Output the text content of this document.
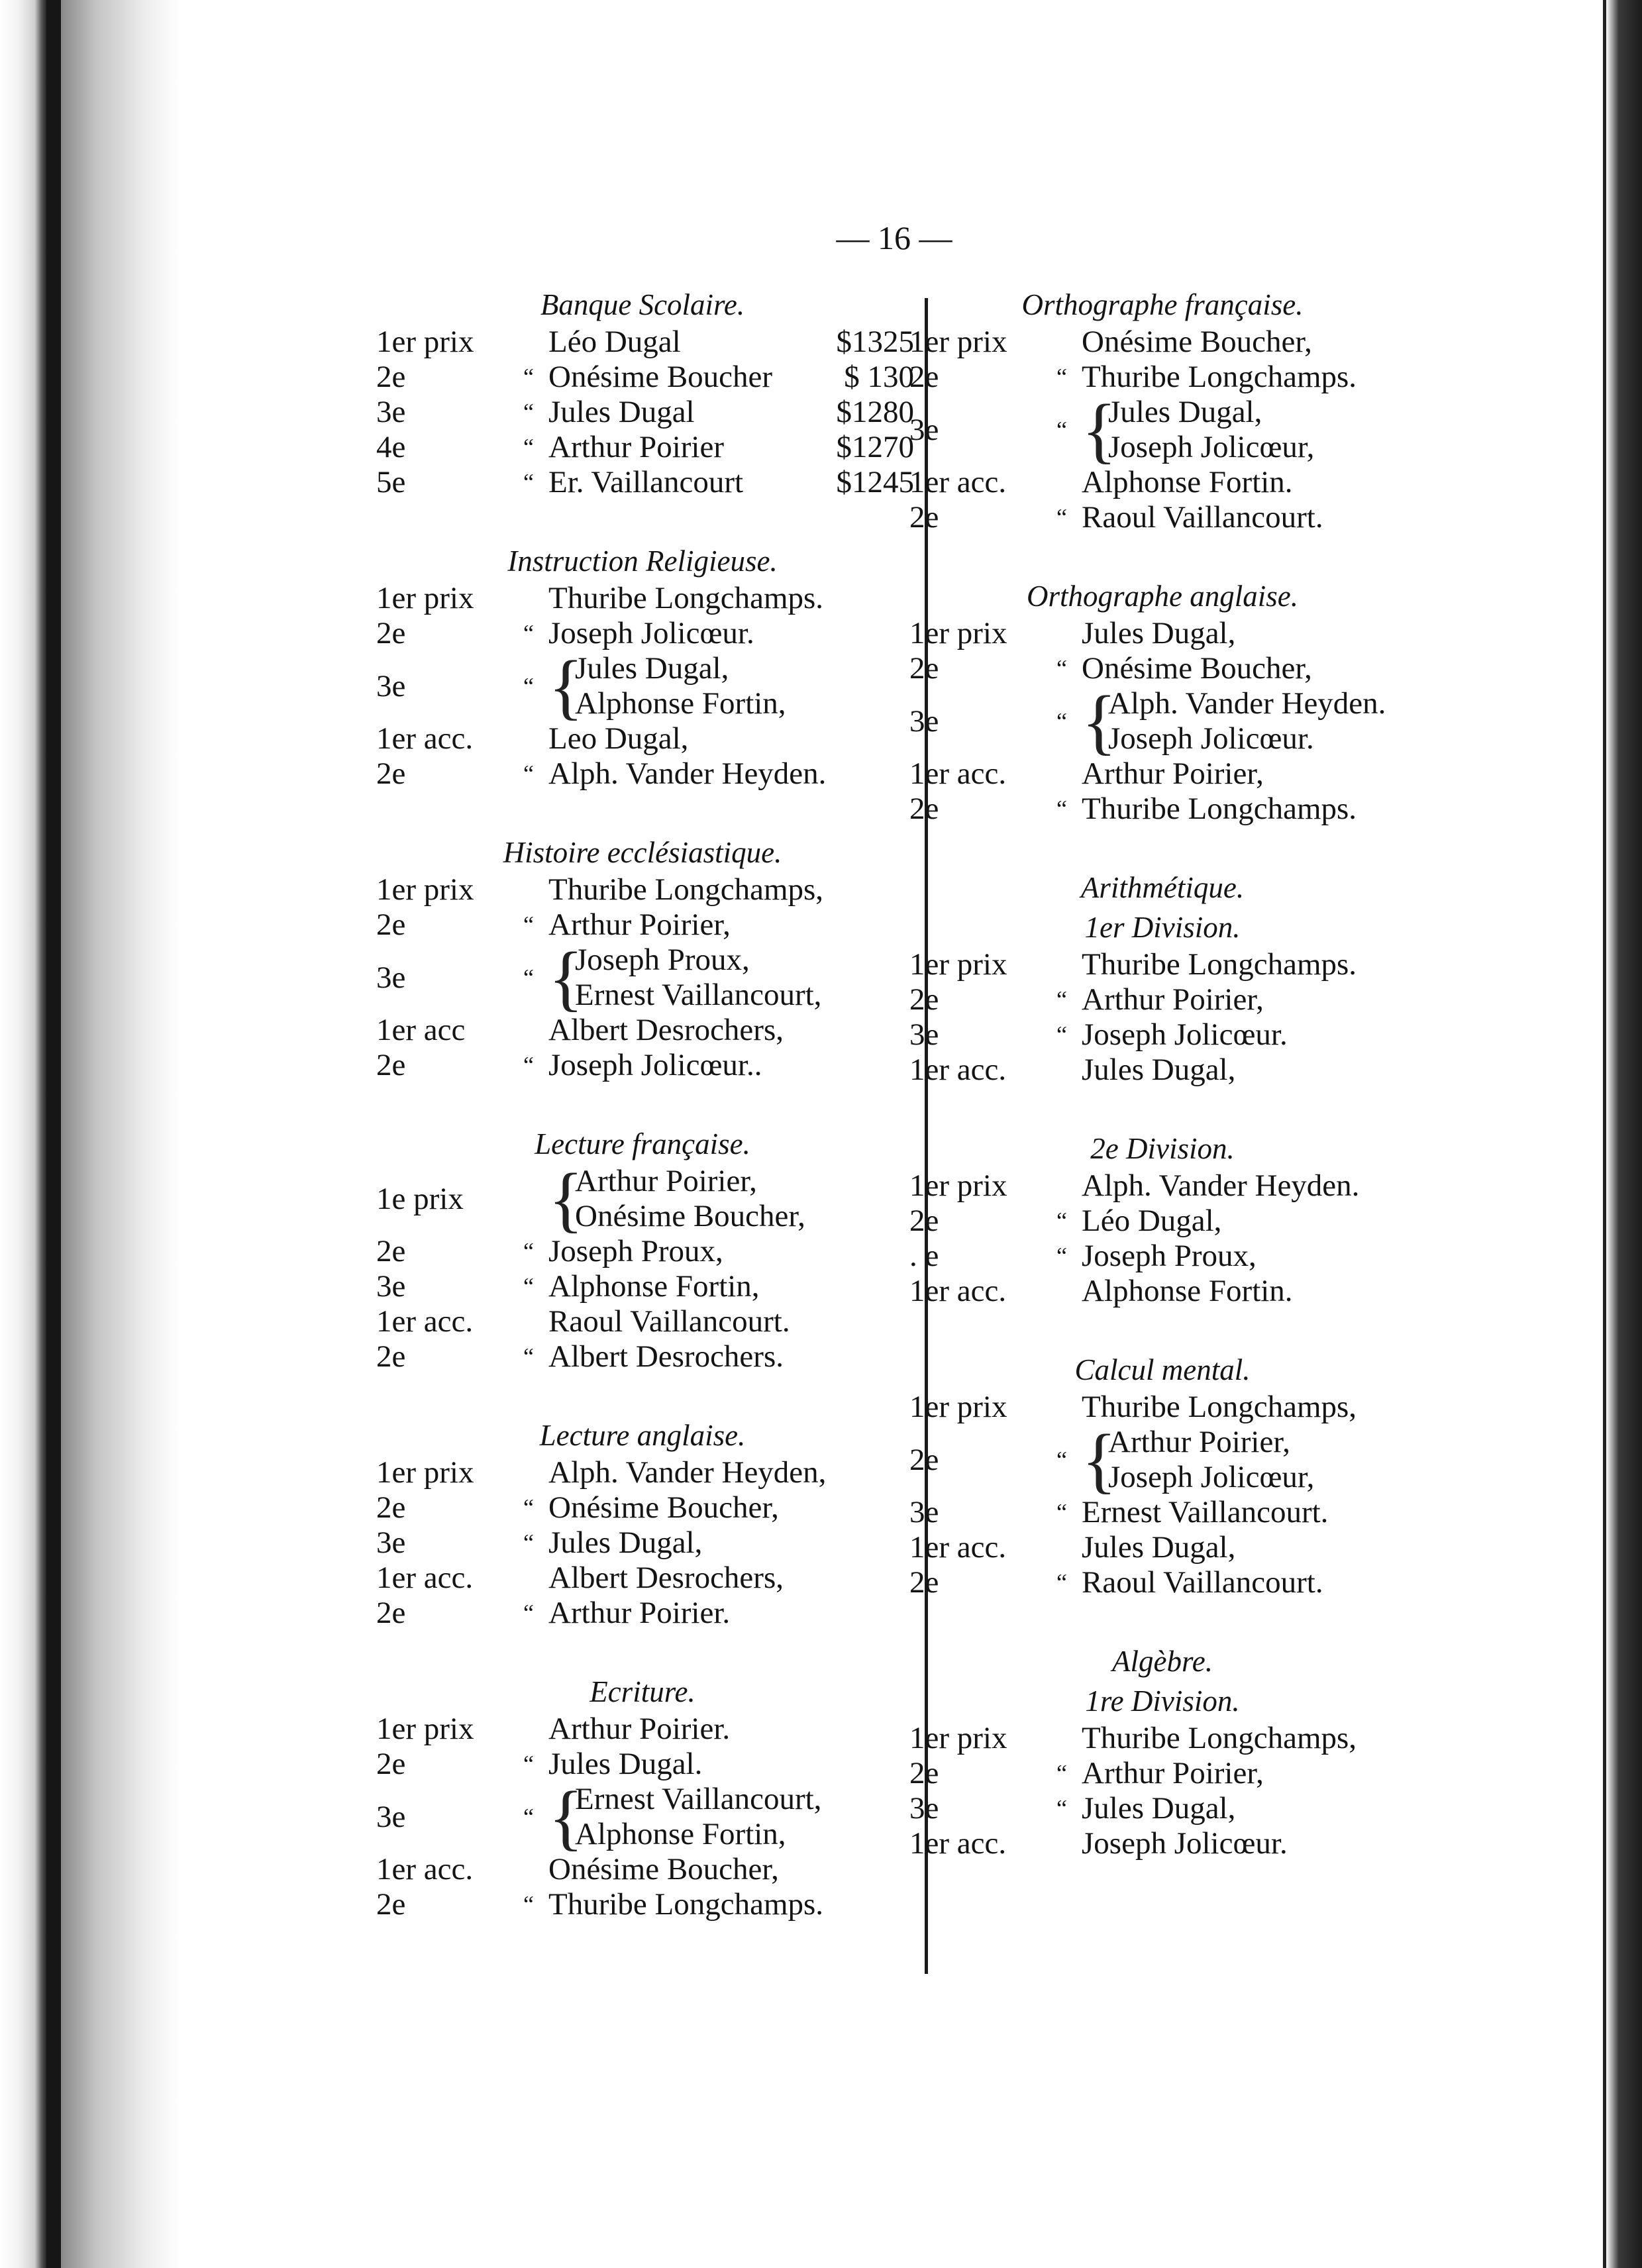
— 16 —
Banque Scolaire.
1er prix	Léo Dugal	$1325
2e	“ Onésime Boucher	$ 130
3e	“ Jules Dugal	$1280
4e	“ Arthur Poirier	$1270
5e	“ Er. Vaillancourt	$1245
Instruction Religieuse.
1er prix	Thuribe Longchamps.
2e	“ Joseph Jolicœur.
3e	“ {
Jules Dugal,
Alphonse Fortin,
1er acc.	Leo Dugal,
2e	“ Alph. Vander Heyden.
Histoire ecclésiastique.
1er prix	Thuribe Longchamps,
2e	“ Arthur Poirier,
3e	“ {
Joseph Proux,
Ernest Vaillancourt,
1er acc	Albert Desrochers,
2e	“ Joseph Jolicœur..
Lecture française.
1e prix	{
Arthur Poirier,
Onésime Boucher,
2e	“ Joseph Proux,
3e	“ Alphonse Fortin,
1er acc.	Raoul Vaillancourt.
2e	“ Albert Desrochers.
Lecture anglaise.
1er prix	Alph. Vander Heyden,
2e	“ Onésime Boucher,
3e	“ Jules Dugal,
1er acc.	Albert Desrochers,
2e	“ Arthur Poirier.
Ecriture.
1er prix	Arthur Poirier.
2e	“ Jules Dugal.
3e	“ {
Ernest Vaillancourt,
Alphonse Fortin,
1er acc.	Onésime Boucher,
2e	“ Thuribe Longchamps.
Orthographe française.
1er prix	Onésime Boucher,
2e	“ Thuribe Longchamps.
3e	“ {
Jules Dugal,
Joseph Jolicœur,
1er acc.	Alphonse Fortin.
2e	“ Raoul Vaillancourt.
Orthographe anglaise.
1er prix	Jules Dugal,
2e	“ Onésime Boucher,
3e	“ {
Alph. Vander Heyden.
Joseph Jolicœur.
1er acc.	Arthur Poirier,
2e	“ Thuribe Longchamps.
Arithmétique.
1er Division.
1er prix	Thuribe Longchamps.
2e	“ Arthur Poirier,
3e	“ Joseph Jolicœur.
1er acc.	Jules Dugal,
2e Division.
1er prix	Alph. Vander Heyden.
2e	“ Léo Dugal,
. e	“ Joseph Proux,
1er acc.	Alphonse Fortin.
Calcul mental.
1er prix	Thuribe Longchamps,
2e	“ {
Arthur Poirier,
Joseph Jolicœur,
3e	“ Ernest Vaillancourt.
1er acc.	Jules Dugal,
2e	“ Raoul Vaillancourt.
Algèbre.
1re Division.
1er prix	Thuribe Longchamps,
2e	“ Arthur Poirier,
3e	“ Jules Dugal,
1er acc.	Joseph Jolicœur.
